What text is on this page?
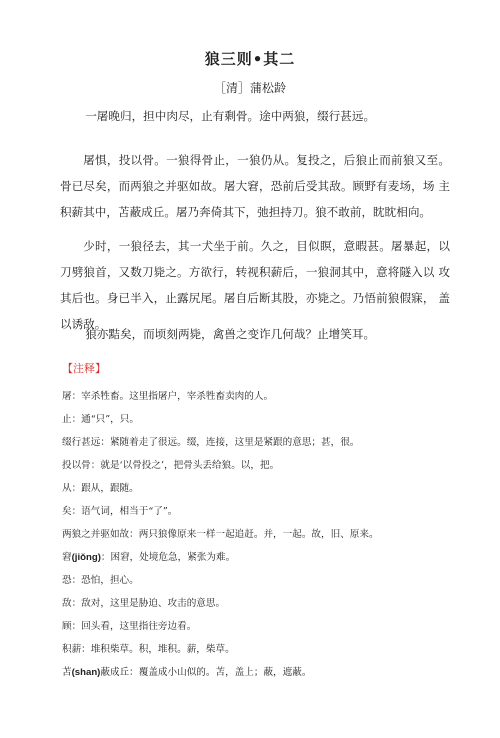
狼三则•其二
［清］蒲松龄

一屠晚归，担中肉尽，止有剩骨。途中两狼，缀行甚远。

屠惧，投以骨。一狼得骨止，一狼仍从。复投之，后狼止而前狼又至。 骨已尽矣，而两狼之并驱如故。屠大窘，恐前后受其敌。顾野有麦场，场 主积薪其中，苫蔽成丘。屠乃奔倚其下，弛担持刀。狼不敢前，眈眈相向。

少时，一狼径去，其一犬坐于前。久之，目似瞑，意暇甚。屠暴起，以 刀劈狼首，又数刀毙之。方欲行，转视积薪后，一狼洞其中，意将隧入以 攻其后也。身已半入，止露尻尾。屠自后断其股，亦毙之。乃悟前狼假寐， 盖以诱敌。

狼亦黠矣，而顷刻两毙，禽兽之变诈几何哉？止增笑耳。

【注释】
屠：宰杀牲畜。这里指屠户，宰杀牲畜卖肉的人。
止：通“只”，只。
缀行甚远：紧随着走了很远。缀，连接，这里是紧跟的意思；甚，很。
投以骨：就是‘以骨投之’，把骨头丢给狼。以，把。
从：跟从，跟随。
矣：语气词，相当于“了”。
两狼之并驱如故：两只狼像原来一样一起追赶。并，一起。故，旧、原来。
窘(jiǒng)：困窘，处境危急，紧张为难。
恐：恐怕，担心。
敌：敌对，这里是胁迫、攻击的意思。
顾：回头看，这里指往旁边看。
积薪：堆积柴草。积，堆积。薪，柴草。
苫(shan)蔽成丘：覆盖成小山似的。苫，盖上；蔽，遮蔽。
